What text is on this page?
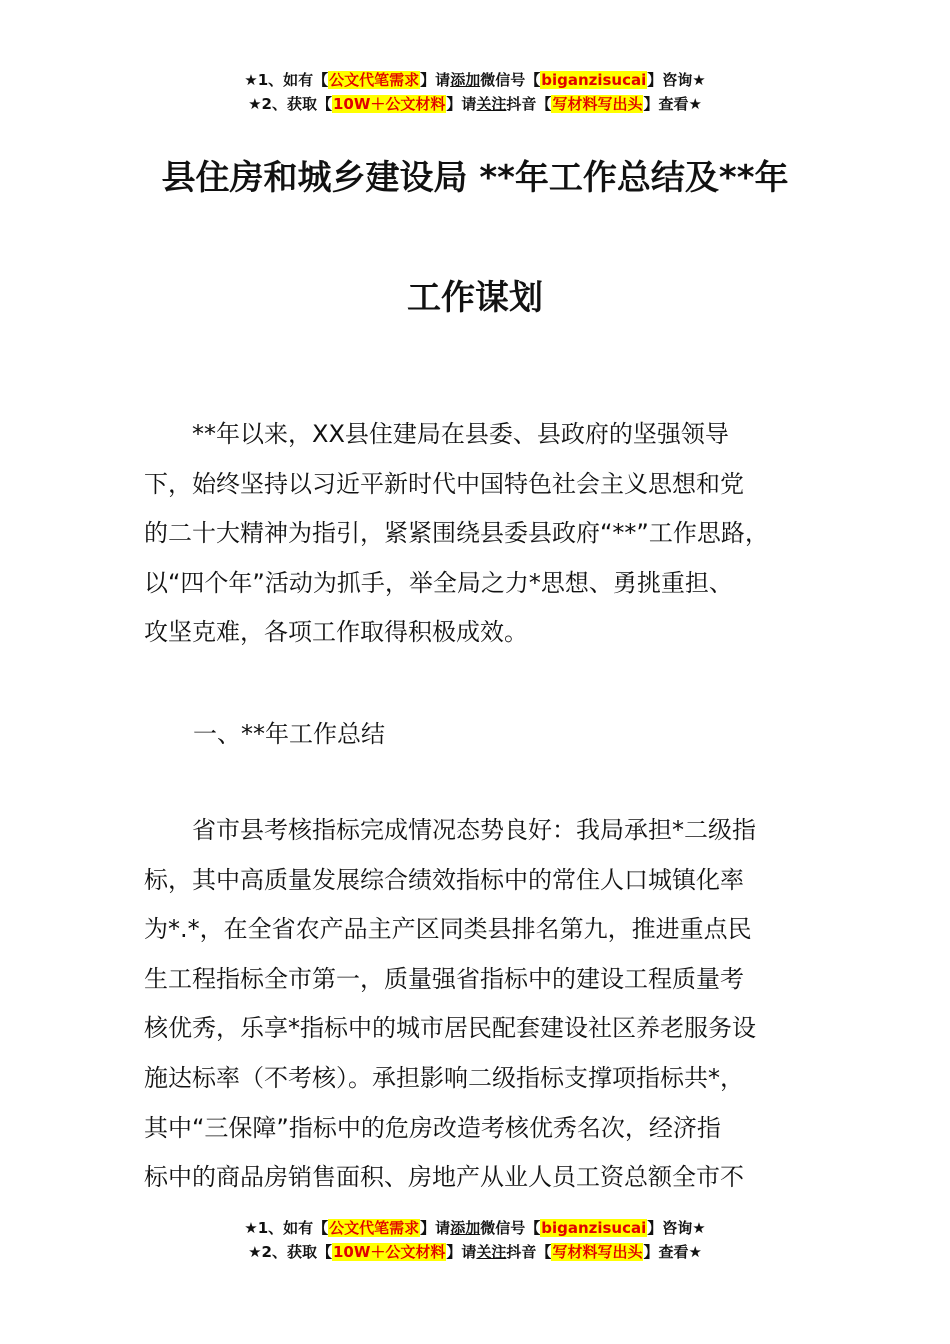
★1、如有【公文代笔需求】请添加微信号【biganzisucai】咨询★
★2、获取【10W＋公文材料】请关注抖音【写材料写出头】查看★
县住房和城乡建设局 **年工作总结及**年
工作谋划
　　**年以来，XX县住建局在县委、县政府的坚强领导
下，始终坚持以习近平新时代中国特色社会主义思想和党
的二十大精神为指引，紧紧围绕县委县政府“**”工作思路，
以“四个年”活动为抓手，举全局之力*思想、勇挑重担、
攻坚克难，各项工作取得积极成效。
一、**年工作总结
　　省市县考核指标完成情况态势良好：我局承担*二级指
标，其中高质量发展综合绩效指标中的常住人口城镇化率
为*.*，在全省农产品主产区同类县排名第九，推进重点民
生工程指标全市第一，质量强省指标中的建设工程质量考
核优秀，乐享*指标中的城市居民配套建设社区养老服务设
施达标率（不考核）。承担影响二级指标支撑项指标共*，
其中“三保障”指标中的危房改造考核优秀名次，经济指
标中的商品房销售面积、房地产从业人员工资总额全市不
★1、如有【公文代笔需求】请添加微信号【biganzisucai】咨询★
★2、获取【10W＋公文材料】请关注抖音【写材料写出头】查看★
